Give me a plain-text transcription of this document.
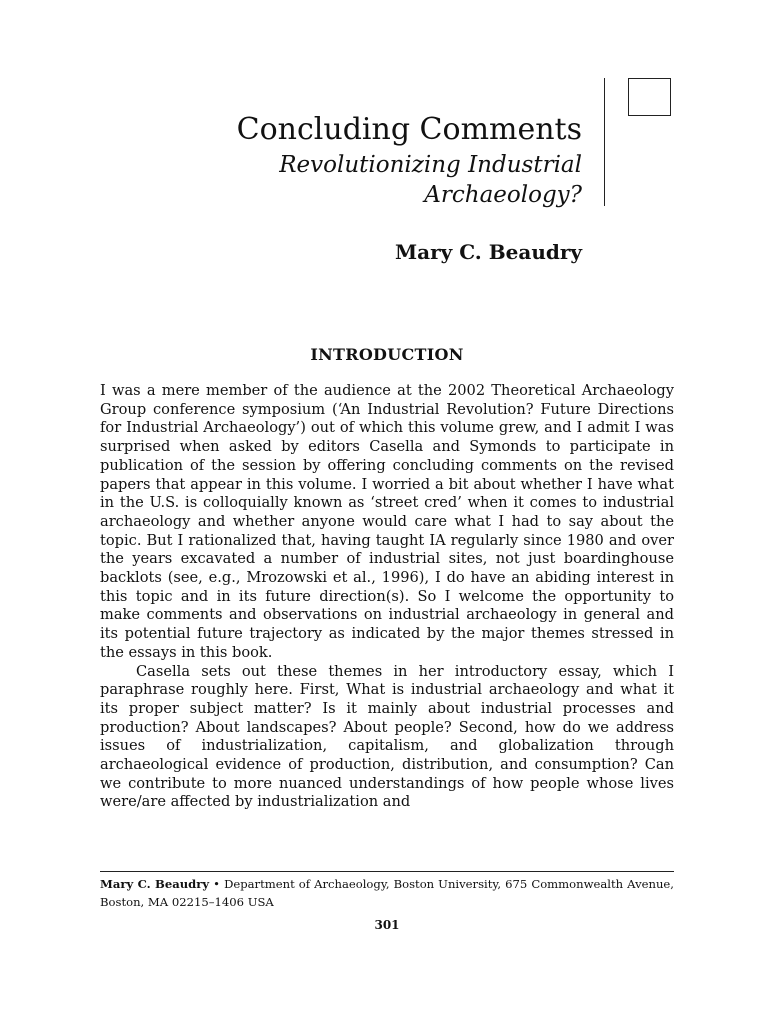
Concluding Comments
Revolutionizing Industrial
Archaeology?
Mary C. Beaudry
INTRODUCTION

I was a mere member of the audience at the 2002 Theoretical Archaeology Group conference symposium (‘An Industrial Revolution? Future Directions for Industrial Archaeology’) out of which this volume grew, and I admit I was surprised when asked by editors Casella and Symonds to participate in publication of the session by offering concluding comments on the revised papers that appear in this volume. I worried a bit about whether I have what in the U.S. is colloquially known as ‘street cred’ when it comes to industrial archaeology and whether anyone would care what I had to say about the topic. But I rationalized that, having taught IA regularly since 1980 and over the years excavated a number of industrial sites, not just boardinghouse backlots (see, e.g., Mrozowski et al., 1996), I do have an abiding interest in this topic and in its future direction(s). So I welcome the opportunity to make comments and observations on industrial archaeology in general and its potential future trajectory as indicated by the major themes stressed in the essays in this book.

Casella sets out these themes in her introductory essay, which I paraphrase roughly here. First, What is industrial archaeology and what it its proper subject matter? Is it mainly about industrial processes and production? About landscapes? About people? Second, how do we address issues of industrialization, capitalism, and globalization through archaeological evidence of production, distribution, and consumption? Can we contribute to more nuanced understandings of how people whose lives were/are affected by industrialization and

Mary C. Beaudry • Department of Archaeology, Boston University, 675 Commonwealth Avenue, Boston, MA 02215–1406 USA
301
